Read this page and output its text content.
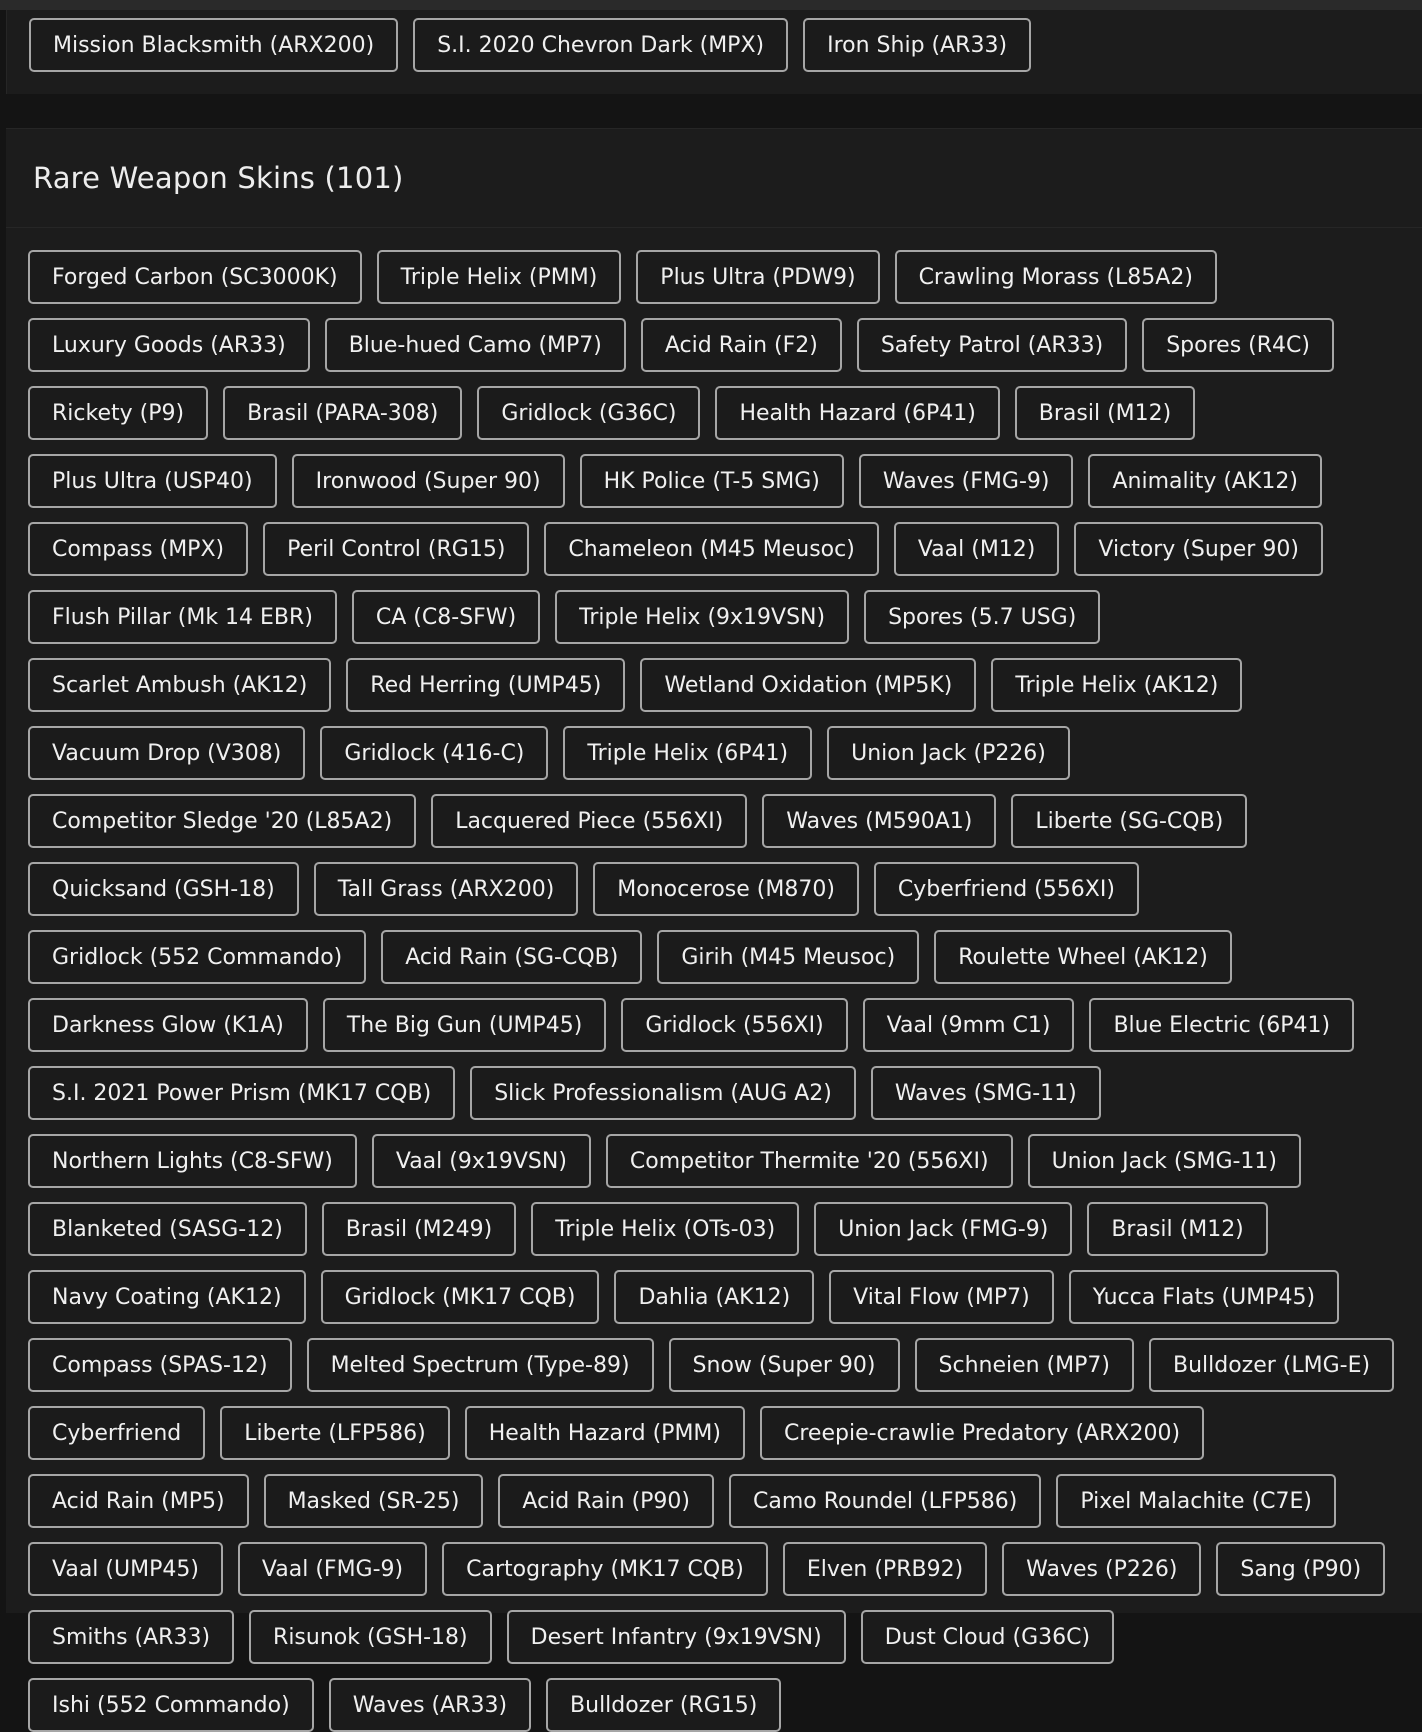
Mission Blacksmith (ARX200)	S.I. 2020 Chevron Dark (MPX)	Iron Ship (AR33)
Rare Weapon Skins (101)
Forged Carbon (SC3000K)	Triple Helix (PMM)	Plus Ultra (PDW9)	Crawling Morass (L85A2)
Luxury Goods (AR33)	Blue-hued Camo (MP7)	Acid Rain (F2)	Safety Patrol (AR33)	Spores (R4C)
Rickety (P9)	Brasil (PARA-308)	Gridlock (G36C)	Health Hazard (6P41)	Brasil (M12)
Plus Ultra (USP40)	Ironwood (Super 90)	HK Police (T-5 SMG)	Waves (FMG-9)	Animality (AK12)
Compass (MPX)	Peril Control (RG15)	Chameleon (M45 Meusoc)	Vaal (M12)	Victory (Super 90)
Flush Pillar (Mk 14 EBR)	CA (C8-SFW)	Triple Helix (9x19VSN)	Spores (5.7 USG)
Scarlet Ambush (AK12)	Red Herring (UMP45)	Wetland Oxidation (MP5K)	Triple Helix (AK12)
Vacuum Drop (V308)	Gridlock (416-C)	Triple Helix (6P41)	Union Jack (P226)
Competitor Sledge '20 (L85A2)	Lacquered Piece (556XI)	Waves (M590A1)	Liberte (SG-CQB)
Quicksand (GSH-18)	Tall Grass (ARX200)	Monocerose (M870)	Cyberfriend (556XI)
Gridlock (552 Commando)	Acid Rain (SG-CQB)	Girih (M45 Meusoc)	Roulette Wheel (AK12)
Darkness Glow (K1A)	The Big Gun (UMP45)	Gridlock (556XI)	Vaal (9mm C1)	Blue Electric (6P41)
S.I. 2021 Power Prism (MK17 CQB)	Slick Professionalism (AUG A2)	Waves (SMG-11)
Northern Lights (C8-SFW)	Vaal (9x19VSN)	Competitor Thermite '20 (556XI)	Union Jack (SMG-11)
Blanketed (SASG-12)	Brasil (M249)	Triple Helix (OTs-03)	Union Jack (FMG-9)	Brasil (M12)
Navy Coating (AK12)	Gridlock (MK17 CQB)	Dahlia (AK12)	Vital Flow (MP7)	Yucca Flats (UMP45)
Compass (SPAS-12)	Melted Spectrum (Type-89)	Snow (Super 90)	Schneien (MP7)	Bulldozer (LMG-E)
Cyberfriend	Liberte (LFP586)	Health Hazard (PMM)	Creepie-crawlie Predatory (ARX200)
Acid Rain (MP5)	Masked (SR-25)	Acid Rain (P90)	Camo Roundel (LFP586)	Pixel Malachite (C7E)
Vaal (UMP45)	Vaal (FMG-9)	Cartography (MK17 CQB)	Elven (PRB92)	Waves (P226)	Sang (P90)
Smiths (AR33)	Risunok (GSH-18)	Desert Infantry (9x19VSN)	Dust Cloud (G36C)
Ishi (552 Commando)	Waves (AR33)	Bulldozer (RG15)
